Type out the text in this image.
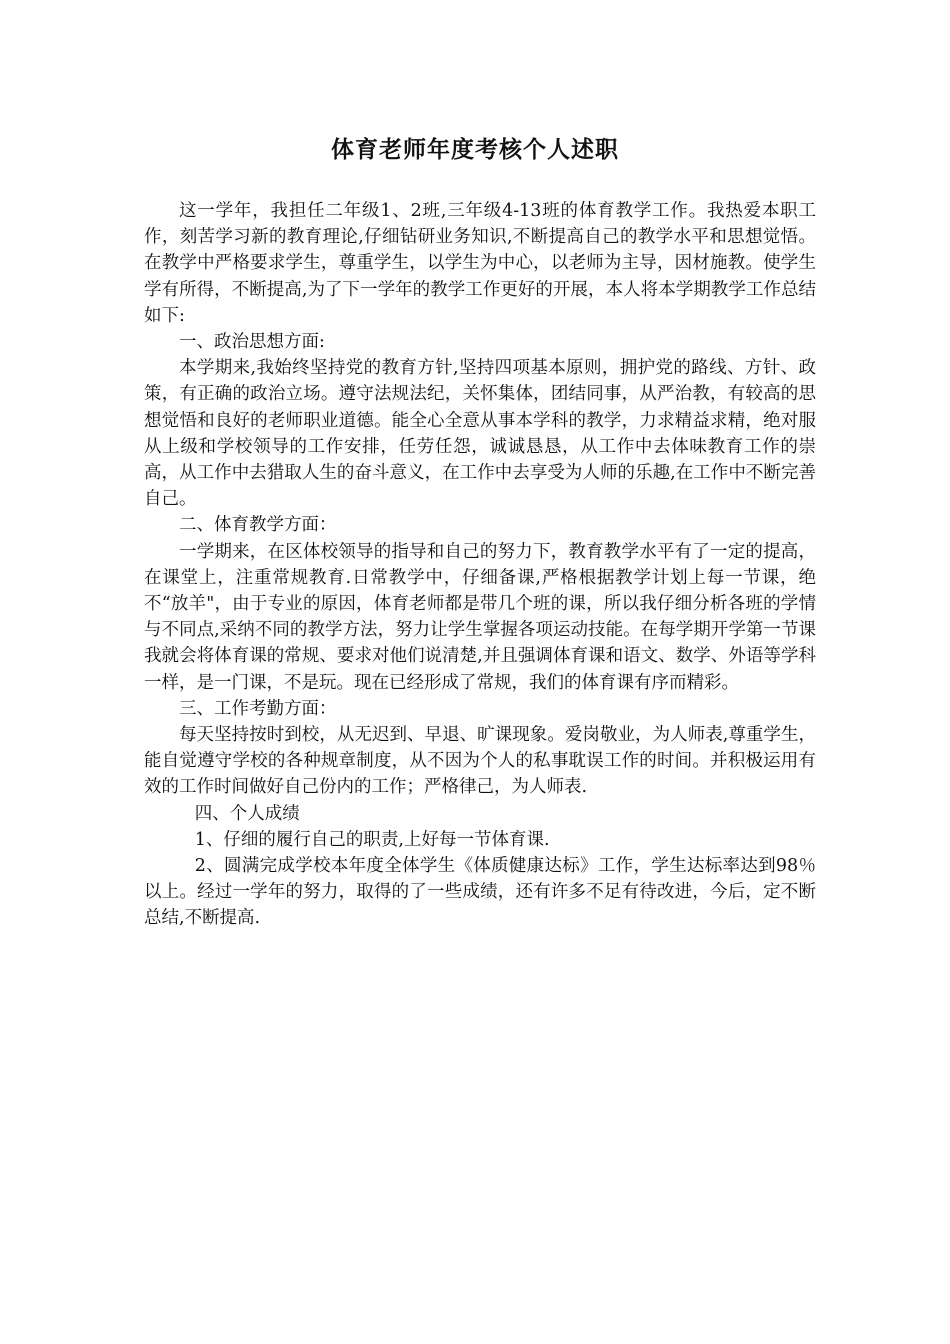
体育老师年度考核个人述职

这一学年，我担任二年级1、2班,三年级4-13班的体育教学工作。我热爱本职工作，刻苦学习新的教育理论,仔细钻研业务知识,不断提高自己的教学水平和思想觉悟。在教学中严格要求学生，尊重学生，以学生为中心，以老师为主导，因材施教。使学生学有所得，不断提高,为了下一学年的教学工作更好的开展，本人将本学期教学工作总结如下:

一、政治思想方面:

本学期来,我始终坚持党的教育方针,坚持四项基本原则，拥护党的路线、方针、政策，有正确的政治立场。遵守法规法纪，关怀集体，团结同事，从严治教，有较高的思想觉悟和良好的老师职业道德。能全心全意从事本学科的教学，力求精益求精，绝对服从上级和学校领导的工作安排，任劳任怨，诚诚恳恳，从工作中去体味教育工作的崇高，从工作中去猎取人生的奋斗意义，在工作中去享受为人师的乐趣,在工作中不断完善自己。

二、体育教学方面：

一学期来，在区体校领导的指导和自己的努力下，教育教学水平有了一定的提高，在课堂上，注重常规教育.日常教学中，仔细备课,严格根据教学计划上每一节课，绝不“放羊"，由于专业的原因，体育老师都是带几个班的课，所以我仔细分析各班的学情与不同点,采纳不同的教学方法，努力让学生掌握各项运动技能。在每学期开学第一节课我就会将体育课的常规、要求对他们说清楚,并且强调体育课和语文、数学、外语等学科一样，是一门课，不是玩。现在已经形成了常规，我们的体育课有序而精彩。

三、工作考勤方面：

每天坚持按时到校，从无迟到、早退、旷课现象。爱岗敬业，为人师表,尊重学生，能自觉遵守学校的各种规章制度，从不因为个人的私事耽误工作的时间。并积极运用有效的工作时间做好自己份内的工作；严格律己，为人师表.

四、个人成绩

1、仔细的履行自己的职责,上好每一节体育课.

2、圆满完成学校本年度全体学生《体质健康达标》工作，学生达标率达到98％以上。经过一学年的努力，取得的了一些成绩，还有许多不足有待改进，今后，定不断总结,不断提高.
